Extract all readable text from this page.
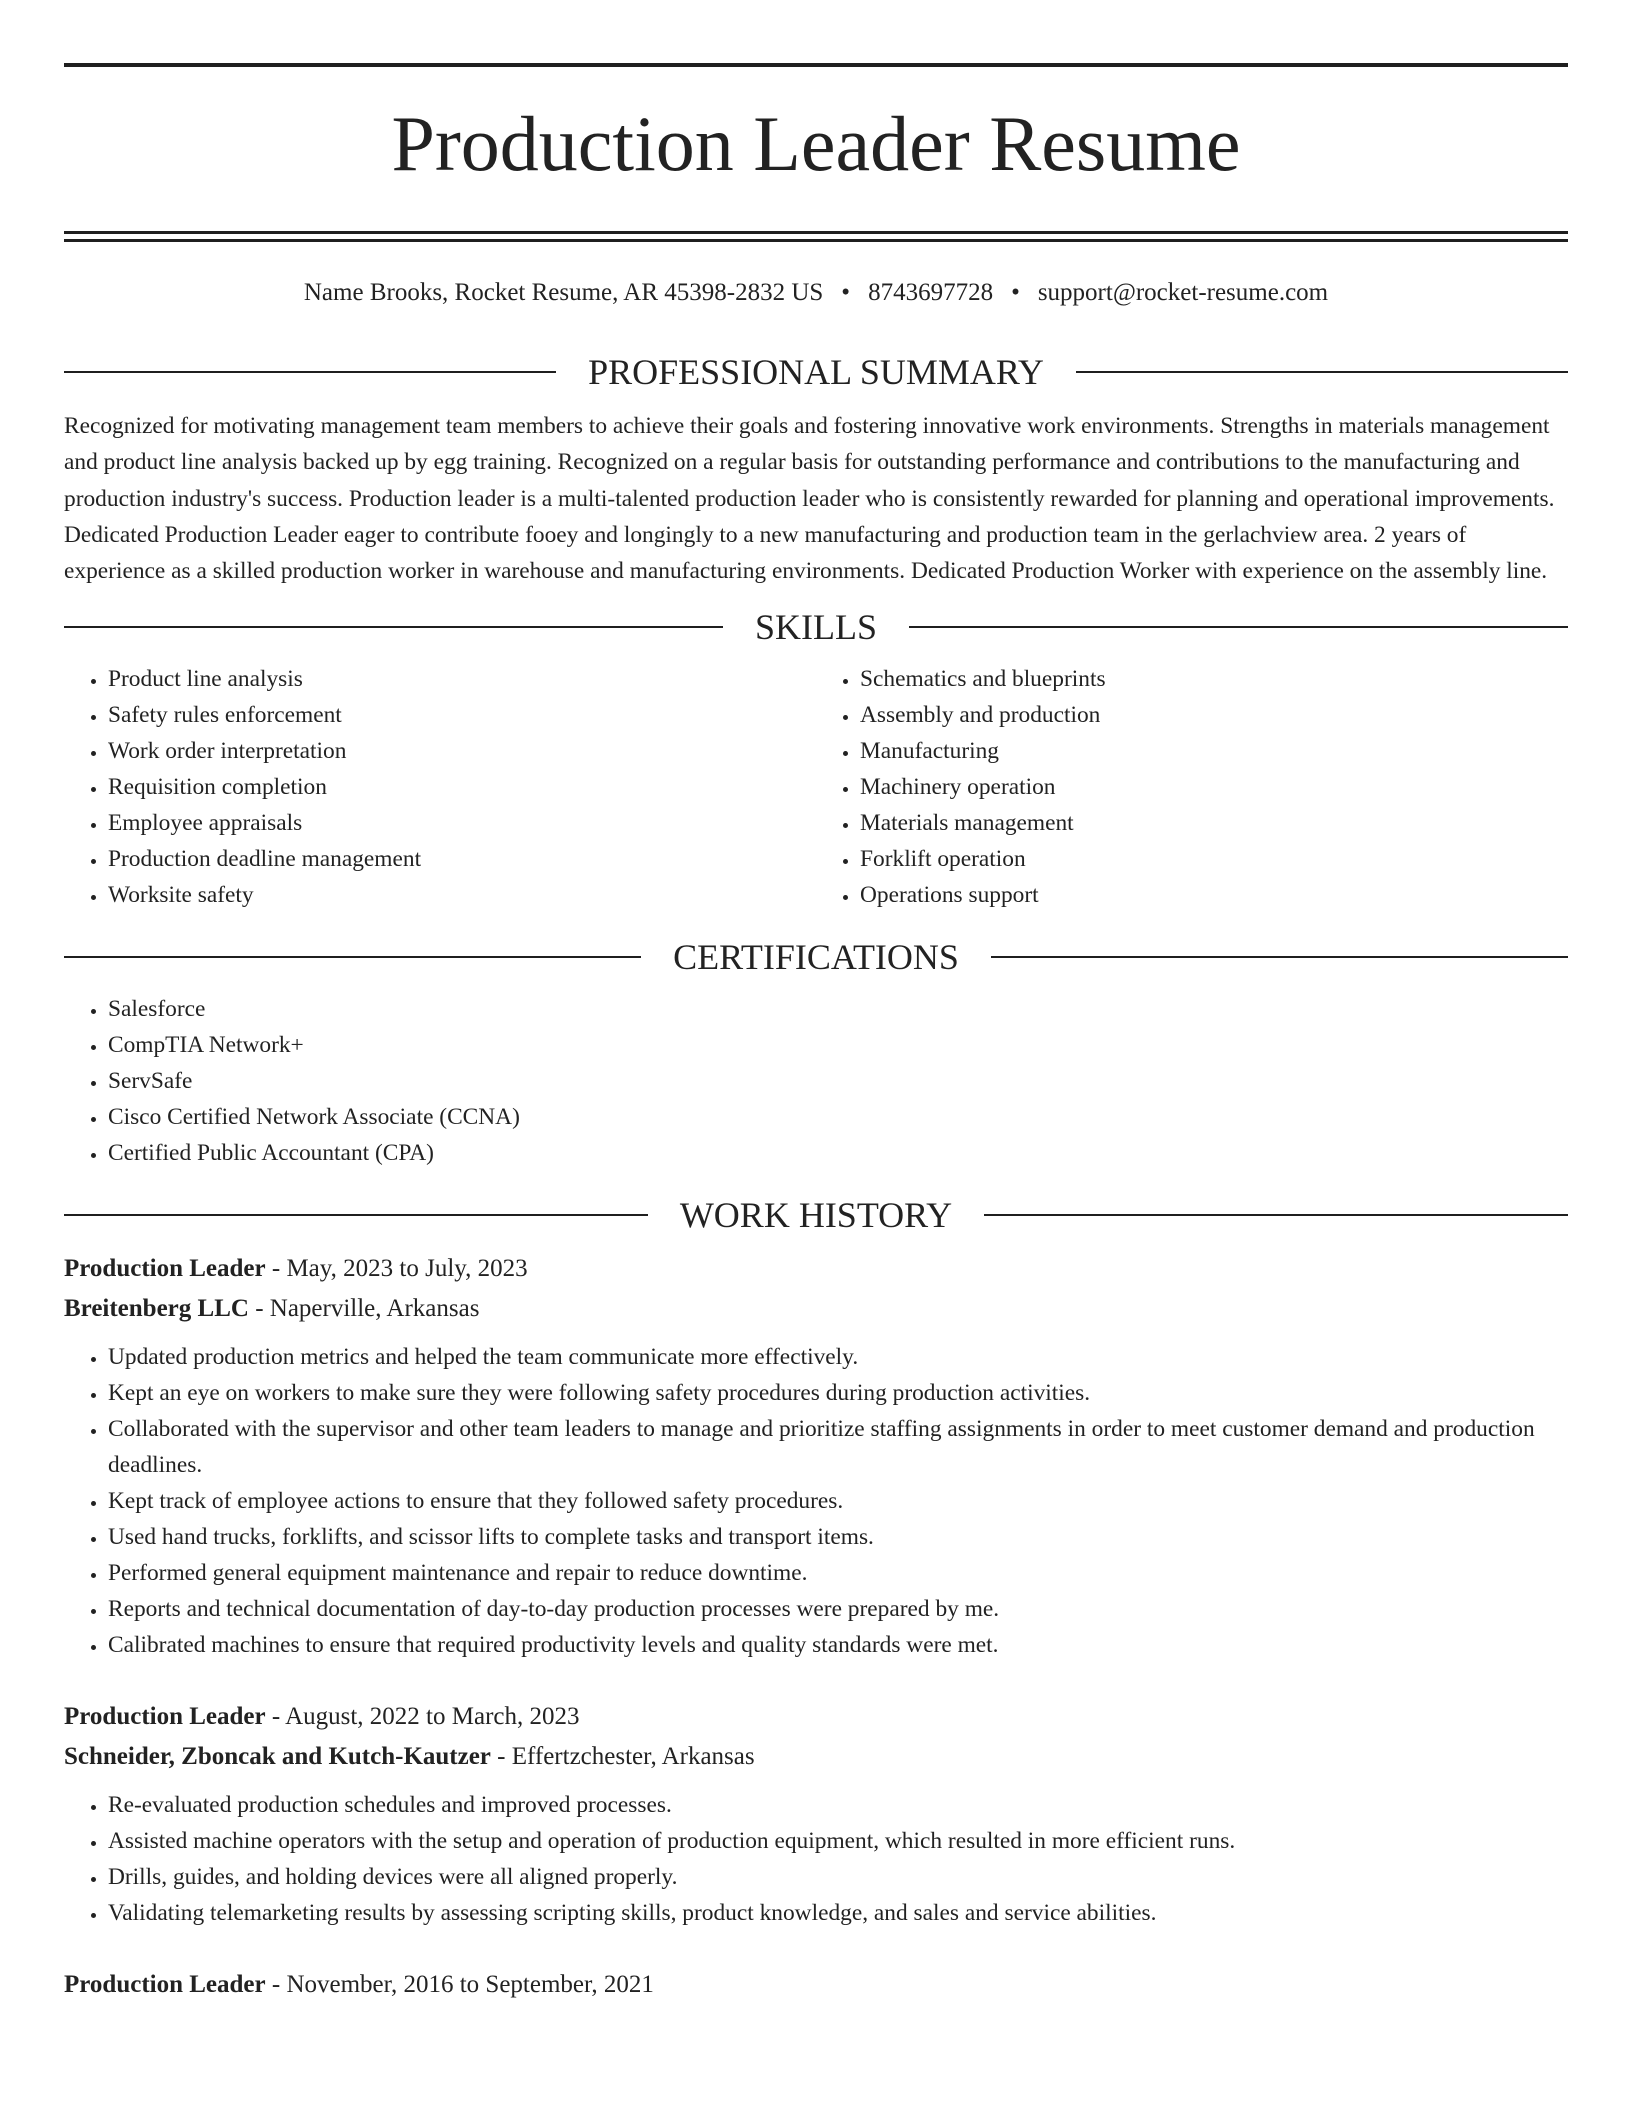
Production Leader Resume
Name Brooks, Rocket Resume, AR 45398-2832 US • 8743697728 • support@rocket-resume.com
PROFESSIONAL SUMMARY

Recognized for motivating management team members to achieve their goals and fostering innovative work environments. Strengths in materials management and product line analysis backed up by egg training. Recognized on a regular basis for outstanding performance and contributions to the manufacturing and production industry's success. Production leader is a multi-talented production leader who is consistently rewarded for planning and operational improvements. Dedicated Production Leader eager to contribute fooey and longingly to a new manufacturing and production team in the gerlachview area. 2 years of experience as a skilled production worker in warehouse and manufacturing environments. Dedicated Production Worker with experience on the assembly line.

SKILLS
• Product line analysis
• Safety rules enforcement
• Work order interpretation
• Requisition completion
• Employee appraisals
• Production deadline management
• Worksite safety
• Schematics and blueprints
• Assembly and production
• Manufacturing
• Machinery operation
• Materials management
• Forklift operation
• Operations support
CERTIFICATIONS
• Salesforce
• CompTIA Network+
• ServSafe
• Cisco Certified Network Associate (CCNA)
• Certified Public Accountant (CPA)
WORK HISTORY
Production Leader - May, 2023 to July, 2023
Breitenberg LLC - Naperville, Arkansas
• Updated production metrics and helped the team communicate more effectively.
• Kept an eye on workers to make sure they were following safety procedures during production activities.
• Collaborated with the supervisor and other team leaders to manage and prioritize staffing assignments in order to meet customer demand and production deadlines.
• Kept track of employee actions to ensure that they followed safety procedures.
• Used hand trucks, forklifts, and scissor lifts to complete tasks and transport items.
• Performed general equipment maintenance and repair to reduce downtime.
• Reports and technical documentation of day-to-day production processes were prepared by me.
• Calibrated machines to ensure that required productivity levels and quality standards were met.
Production Leader - August, 2022 to March, 2023
Schneider, Zboncak and Kutch-Kautzer - Effertzchester, Arkansas
• Re-evaluated production schedules and improved processes.
• Assisted machine operators with the setup and operation of production equipment, which resulted in more efficient runs.
• Drills, guides, and holding devices were all aligned properly.
• Validating telemarketing results by assessing scripting skills, product knowledge, and sales and service abilities.
Production Leader - November, 2016 to September, 2021
